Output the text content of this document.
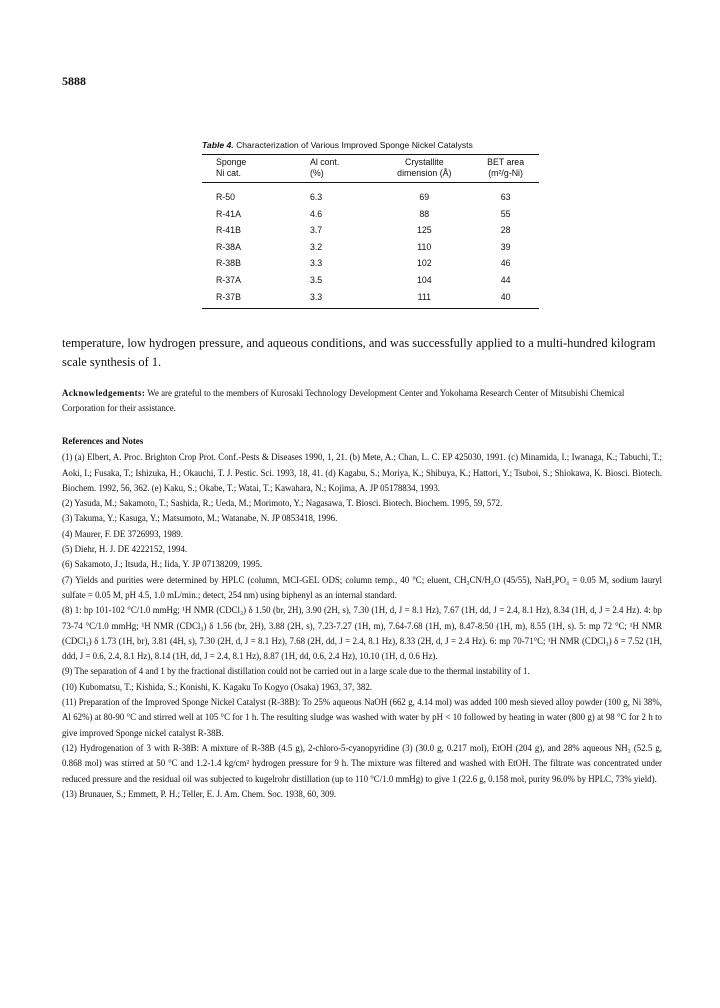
5888
Table 4. Characterization of Various Improved Sponge Nickel Catalysts
Sponge	Al cont.	Crystallite	BET area
Ni cat.	(%)	dimension (Å)	(m²/g-Ni)
R-50	6.3	69	63
R-41A	4.6	88	55
R-41B	3.7	125	28
R-38A	3.2	110	39
R-38B	3.3	102	46
R-37A	3.5	104	44
R-37B	3.3	111	40

temperature, low hydrogen pressure, and aqueous conditions, and was successfully applied to a multi-hundred kilogram scale synthesis of 1.

Acknowledgements: We are grateful to the members of Kurosaki Technology Development Center and Yokohama Research Center of Mitsubishi Chemical Corporation for their assistance.
References and Notes

(1) (a) Elbert, A. Proc. Brighton Crop Prot. Conf.-Pests & Diseases 1990, 1, 21. (b) Mete, A.; Chan, L. C. EP 425030, 1991. (c) Minamida, I.; Iwanaga, K.; Tabuchi, T.; Aoki, I.; Fusaka, T.; Ishizuka, H.; Okauchi, T. J. Pestic. Sci. 1993, 18, 41. (d) Kagabu, S.; Moriya, K.; Shibuya, K.; Hattori, Y.; Tsuboi, S.; Shiokawa, K. Biosci. Biotech. Biochem. 1992, 56, 362. (e) Kaku, S.; Okabe, T.; Watai, T.; Kawahara, N.; Kojima, A. JP 05178834, 1993.

(2) Yasuda, M.; Sakamoto, T.; Sashida, R.; Ueda, M.; Morimoto, Y.; Nagasawa, T. Biosci. Biotech. Biochem. 1995, 59, 572.

(3) Takuma, Y.; Kasuga, Y.; Matsumoto, M.; Watanabe, N. JP 0853418, 1996.

(4) Maurer, F. DE 3726993, 1989.

(5) Diehr, H. J. DE 4222152, 1994.

(6) Sakamoto, J.; Itsuda, H.; Iida, Y. JP 07138209, 1995.

(7) Yields and purities were determined by HPLC (column, MCI-GEL ODS; column temp., 40 °C; eluent, CH₃CN/H₂O (45/55), NaH₂PO₄ = 0.05 M, sodium lauryl sulfate = 0.05 M, pH 4.5, 1.0 mL/min.; detect, 254 nm) using biphenyl as an internal standard.

(8) 1: bp 101-102 °C/1.0 mmHg; ¹H NMR (CDCl₃) δ 1.50 (br, 2H), 3.90 (2H, s), 7.30 (1H, d, J = 8.1 Hz), 7.67 (1H, dd, J = 2.4, 8.1 Hz), 8.34 (1H, d, J = 2.4 Hz). 4: bp 73-74 °C/1.0 mmHg; ¹H NMR (CDCl₃) δ 1.56 (br, 2H), 3.88 (2H, s), 7.23-7.27 (1H, m), 7.64-7.68 (1H, m), 8.47-8.50 (1H, m), 8.55 (1H, s). 5: mp 72 °C; ¹H NMR (CDCl₃) δ 1.73 (1H, br), 3.81 (4H, s), 7.30 (2H, d, J = 8.1 Hz), 7.68 (2H, dd, J = 2.4, 8.1 Hz), 8.33 (2H, d, J = 2.4 Hz). 6: mp 70-71°C; ¹H NMR (CDCl₃) δ = 7.52 (1H, ddd, J = 0.6, 2.4, 8.1 Hz), 8.14 (1H, dd, J = 2.4, 8.1 Hz), 8.87 (1H, dd, 0.6, 2.4 Hz), 10.10 (1H, d, 0.6 Hz).

(9) The separation of 4 and 1 by the fractional distillation could not be carried out in a large scale due to the thermal instability of 1.

(10) Kubomatsu, T.; Kishida, S.; Konishi, K. Kagaku To Kogyo (Osaka) 1963, 37, 382.

(11) Preparation of the Improved Sponge Nickel Catalyst (R-38B): To 25% aqueous NaOH (662 g, 4.14 mol) was added 100 mesh sieved alloy powder (100 g, Ni 38%, Al 62%) at 80-90 °C and stirred well at 105 °C for 1 h. The resulting sludge was washed with water by pH < 10 followed by heating in water (800 g) at 98 °C for 2 h to give improved Sponge nickel catalyst R-38B.

(12) Hydrogenation of 3 with R-38B: A mixture of R-38B (4.5 g), 2-chloro-5-cyanopyridine (3) (30.0 g, 0.217 mol), EtOH (204 g), and 28% aqueous NH₃ (52.5 g, 0.868 mol) was stirred at 50 °C and 1.2-1.4 kg/cm² hydrogen pressure for 9 h. The mixture was filtered and washed with EtOH. The filtrate was concentrated under reduced pressure and the residual oil was subjected to kugelrohr distillation (up to 110 °C/1.0 mmHg) to give 1 (22.6 g, 0.158 mol, purity 96.0% by HPLC, 73% yield).

(13) Brunauer, S.; Emmett, P. H.; Teller, E. J. Am. Chem. Soc. 1938, 60, 309.
